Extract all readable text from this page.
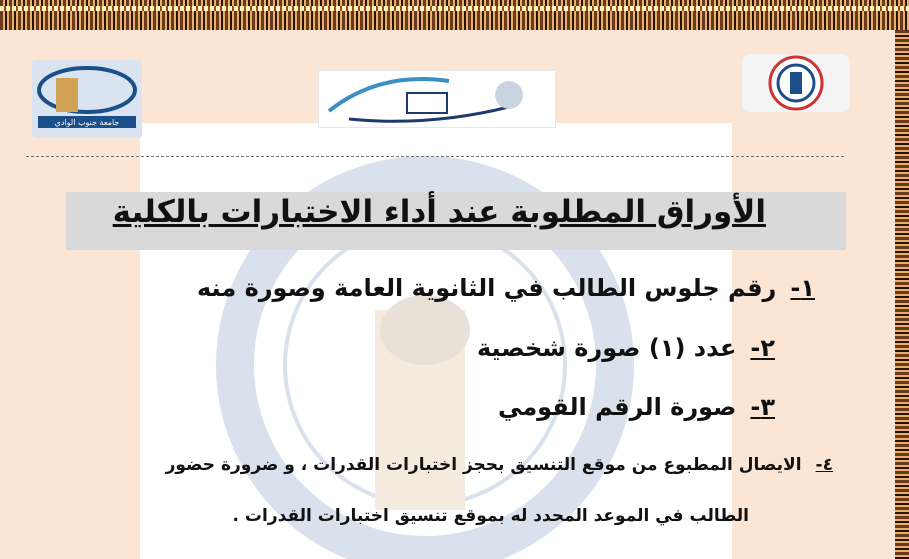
جامعة جنوب الوادي
الأوراق المطلوبة عند أداء الاختبارات بالكلية
١-رقم جلوس الطالب في الثانوية العامة وصورة منه
٢-عدد (١) صورة شخصية
٣-صورة الرقم القومي
٤-الايصال المطبوع من موقع التنسيق بحجز اختبارات القدرات ، و ضرورة حضور
الطالب في الموعد المحدد له بموقع تنسيق اختبارات القدرات .
